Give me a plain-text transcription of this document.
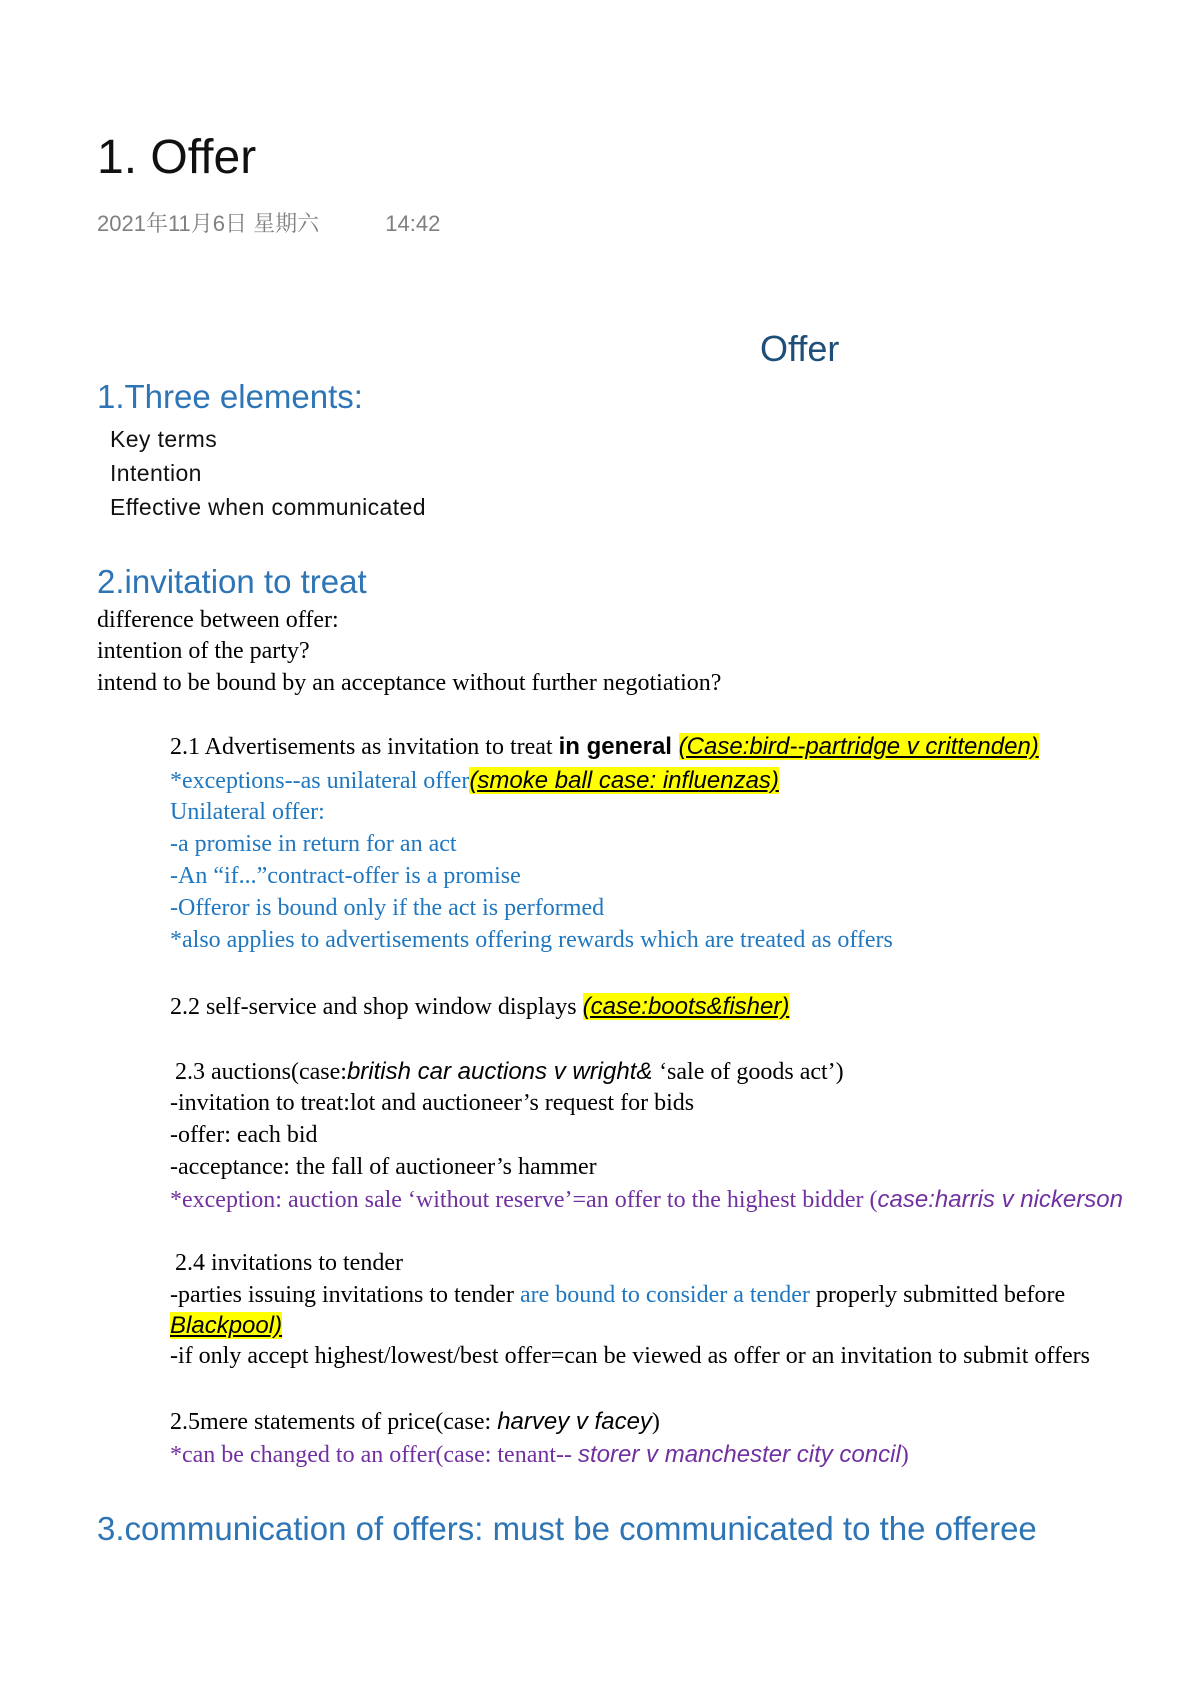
1. Offer
2021年11月6日 星期六	14:42
Offer
1.Three elements:
Key terms
Intention
Effective when communicated
2.invitation to treat
difference between offer:
intention of the party?
intend to be bound by an acceptance without further negotiation?
2.1 Advertisements as invitation to treat in general (Case:bird--partridge v crittenden)
*exceptions--as unilateral offer(smoke ball case: influenzas)
Unilateral offer:
-a promise in return for an act
-An “if...”contract-offer is a promise
-Offeror is bound only if the act is performed
*also applies to advertisements offering rewards which are treated as offers
2.2 self-service and shop window displays (case:boots&fisher)
2.3 auctions(case:british car auctions v wright& ‘sale of goods act’)
-invitation to treat:lot and auctioneer’s request for bids
-offer: each bid
-acceptance: the fall of auctioneer’s hammer
*exception: auction sale ‘without reserve’=an offer to the highest bidder (case:harris v nickerson
2.4 invitations to tender
-parties issuing invitations to tender are bound to consider a tender properly submitted before
Blackpool)
-if only accept highest/lowest/best offer=can be viewed as offer or an invitation to submit offers
2.5mere statements of price(case: harvey v facey)
*can be changed to an offer(case: tenant-- storer v manchester city concil)
3.communication of offers: must be communicated to the offeree
